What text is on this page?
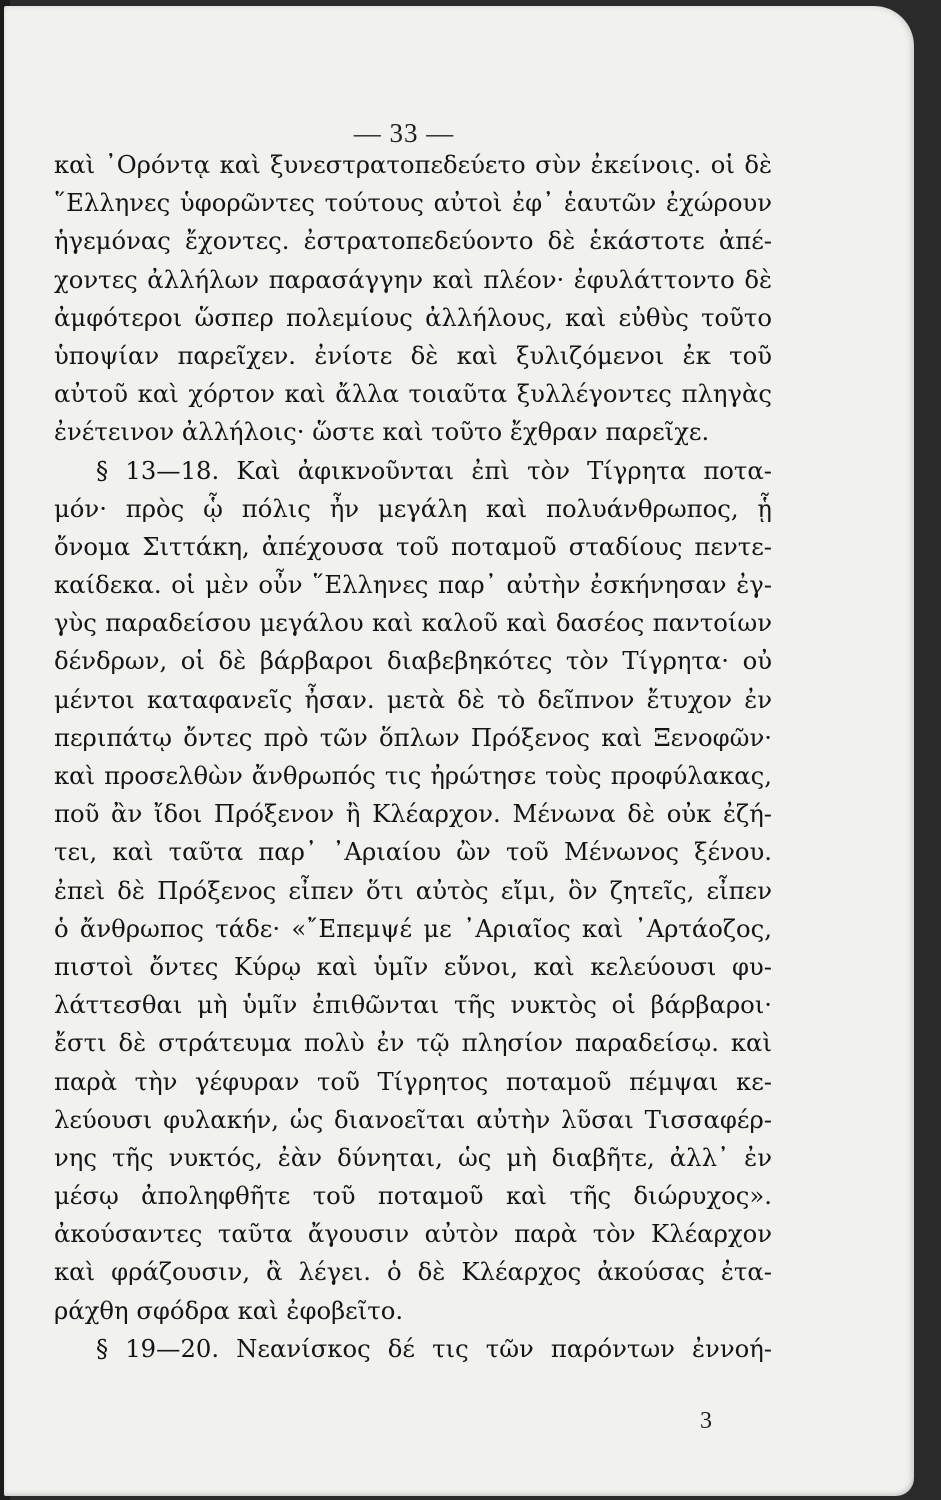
— 33 —
καὶ ᾿Ορόντᾳ καὶ ξυνεστρατοπεδεύετο σὺν ἐκείνοις. οἱ δὲ
῞Ελληνες ὑφορῶντες τούτους αὐτοὶ ἐφ᾿ ἑαυτῶν ἐχώρουν
ἡγεμόνας ἔχοντες. ἐστρατοπεδεύοντο δὲ ἑκάστοτε ἀπέ-
χοντες ἀλλήλων παρασάγγην καὶ πλέον· ἐφυλάττοντο δὲ
ἀμφότεροι ὥσπερ πολεμίους ἀλλήλους, καὶ εὐθὺς τοῦτο
ὑποψίαν παρεῖχεν. ἐνίοτε δὲ καὶ ξυλιζόμενοι ἐκ τοῦ
αὐτοῦ καὶ χόρτον καὶ ἄλλα τοιαῦτα ξυλλέγοντες πληγὰς
ἐνέτεινον ἀλλήλοις· ὥστε καὶ τοῦτο ἔχθραν παρεῖχε.
§ 13—18. Καὶ ἀφικνοῦνται ἐπὶ τὸν Τίγρητα ποτα-
μόν· πρὸς ᾧ πόλις ἦν μεγάλη καὶ πολυάνθρωπος, ᾗ
ὄνομα Σιττάκη, ἀπέχουσα τοῦ ποταμοῦ σταδίους πεντε-
καίδεκα. οἱ μὲν οὖν ῞Ελληνες παρ᾿ αὐτὴν ἐσκήνησαν ἐγ-
γὺς παραδείσου μεγάλου καὶ καλοῦ καὶ δασέος παντοίων
δένδρων, οἱ δὲ βάρβαροι διαβεβηκότες τὸν Τίγρητα· οὐ
μέντοι καταφανεῖς ἦσαν. μετὰ δὲ τὸ δεῖπνον ἔτυχον ἐν
περιπάτῳ ὄντες πρὸ τῶν ὅπλων Πρόξενος καὶ Ξενοφῶν·
καὶ προσελθὼν ἄνθρωπός τις ἠρώτησε τοὺς προφύλακας,
ποῦ ἂν ἴδοι Πρόξενον ἢ Κλέαρχον. Μένωνα δὲ οὐκ ἐζή-
τει, καὶ ταῦτα παρ᾿ ᾿Αριαίου ὢν τοῦ Μένωνος ξένου.
ἐπεὶ δὲ Πρόξενος εἶπεν ὅτι αὐτὸς εἴμι, ὃν ζητεῖς, εἶπεν
ὁ ἄνθρωπος τάδε· «῎Επεμψέ με ᾿Αριαῖος καὶ ᾿Αρτάοζος,
πιστοὶ ὄντες Κύρῳ καὶ ὑμῖν εὔνοι, καὶ κελεύουσι φυ-
λάττεσθαι μὴ ὑμῖν ἐπιθῶνται τῆς νυκτὸς οἱ βάρβαροι·
ἔστι δὲ στράτευμα πολὺ ἐν τῷ πλησίον παραδείσῳ. καὶ
παρὰ τὴν γέφυραν τοῦ Τίγρητος ποταμοῦ πέμψαι κε-
λεύουσι φυλακήν, ὡς διανοεῖται αὐτὴν λῦσαι Τισσαφέρ-
νης τῆς νυκτός, ἐὰν δύνηται, ὡς μὴ διαβῆτε, ἀλλ᾿ ἐν
μέσῳ ἀποληφθῆτε τοῦ ποταμοῦ καὶ τῆς διώρυχος».
ἀκούσαντες ταῦτα ἄγουσιν αὐτὸν παρὰ τὸν Κλέαρχον
καὶ φράζουσιν, ἃ λέγει. ὁ δὲ Κλέαρχος ἀκούσας ἐτα-
ράχθη σφόδρα καὶ ἐφοβεῖτο.
§ 19—20. Νεανίσκος δέ τις τῶν παρόντων ἐννοή-
3
